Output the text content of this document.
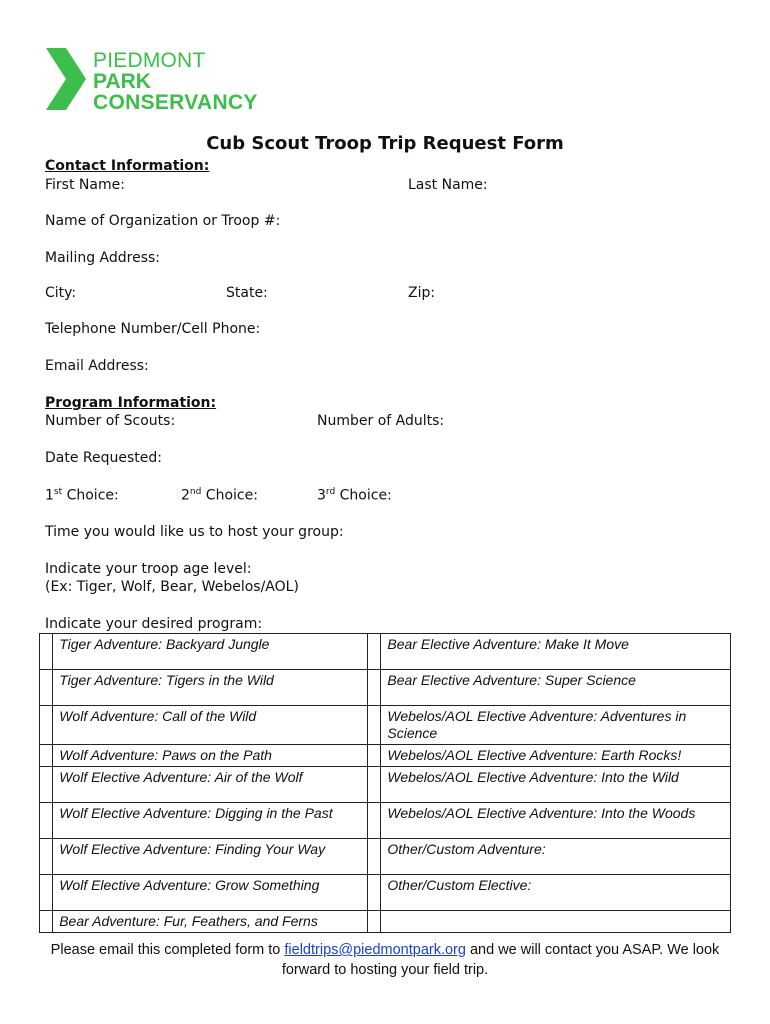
PIEDMONT
PARK
CONSERVANCY
Cub Scout Troop Trip Request Form
Contact Information:
First Name:	Last Name:
Name of Organization or Troop #:
Mailing Address:
City:	State:	Zip:
Telephone Number/Cell Phone:
Email Address:
Program Information:
Number of Scouts:	Number of Adults:
Date Requested:
1st Choice:	2nd Choice:	3rd Choice:
Time you would like us to host your group:
Indicate your troop age level:
(Ex: Tiger, Wolf, Bear, Webelos/AOL)
Indicate your desired program:
	Tiger Adventure: Backyard Jungle		Bear Elective Adventure: Make It Move
	Tiger Adventure: Tigers in the Wild		Bear Elective Adventure: Super Science
	Wolf Adventure: Call of the Wild		Webelos/AOL Elective Adventure: Adventures in Science
	Wolf Adventure: Paws on the Path		Webelos/AOL Elective Adventure: Earth Rocks!
	Wolf Elective Adventure: Air of the Wolf		Webelos/AOL Elective Adventure: Into the Wild
	Wolf Elective Adventure: Digging in the Past		Webelos/AOL Elective Adventure: Into the Woods
	Wolf Elective Adventure: Finding Your Way		Other/Custom Adventure:
	Wolf Elective Adventure: Grow Something		Other/Custom Elective:
	Bear Adventure: Fur, Feathers, and Ferns		
Please email this completed form to fieldtrips@piedmontpark.org and we will contact you ASAP. We look forward to hosting your field trip.
